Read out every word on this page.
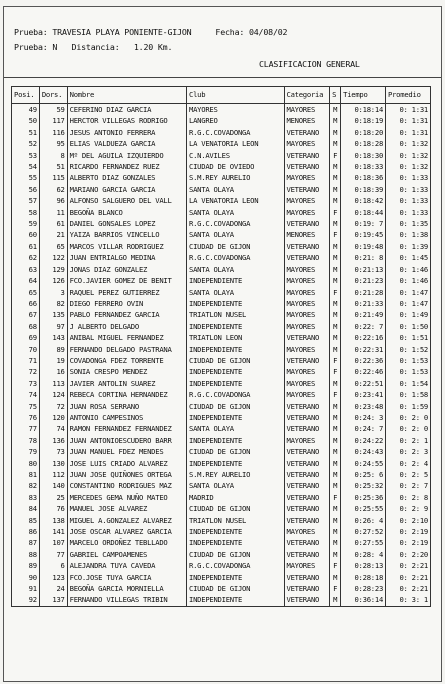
Prueba: TRAVESIA PLAYA PONIENTE-GIJON     Fecha: 04/08/02
Prueba: N   Distancia:   1.20 Km.
CLASIFICACION GENERAL
Posi.	Dors.	Nombre	Club	Categoria	S	Tiempo	Promedio
49	59	CEFERINO DIAZ GARCIA	MAYORES	MAYORES	M	0:18:14	0: 1:31
50	117	HERCTOR VILLEGAS RODRIGO	LANGREO	MENORES	M	0:18:19	0: 1:31
51	116	JESUS ANTONIO FERRERA	R.G.C.COVADONGA	VETERANO	M	0:18:20	0: 1:31
52	95	ELIAS VALDUEZA GARCIA	LA VENATORIA LEON	MAYORES	M	0:18:28	0: 1:32
53	8	Mº DEL AGUILA IZQUIERDO	C.N.AVILES	VETERANO	F	0:18:30	0: 1:32
54	51	RICARDO FERNANDEZ RUEZ	CIUDAD DE OVIEDO	VETERANO	M	0:18:33	0: 1:32
55	115	ALBERTO DIAZ GONZALES	S.M.REY AURELIO	MAYORES	M	0:18:36	0: 1:33
56	62	MARIANO GARCIA GARCIA	SANTA OLAYA	VETERANO	M	0:18:39	0: 1:33
57	96	ALFONSO SALGUERO DEL VALL	LA VENATORIA LEON	MAYORES	M	0:18:42	0: 1:33
58	11	BEGOÑA BLANCO	SANTA OLAYA	MAYORES	F	0:18:44	0: 1:33
59	61	DANIEL GONSALES LOPEZ	R.G.C.COVADONGA	VETERANO	M	0:19: 7	0: 1:35
60	21	YAIZA BARRIOS VINCELLO	SANTA OLAYA	MENORES	F	0:19:45	0: 1:38
61	65	MARCOS VILLAR RODRIGUEZ	CIUDAD DE GIJON	VETERANO	M	0:19:48	0: 1:39
62	122	JUAN ENTRIALGO MEDINA	R.G.C.COVADONGA	VETERANO	M	0:21: 8	0: 1:45
63	129	JONAS DIAZ GONZALEZ	SANTA OLAYA	MAYORES	M	0:21:13	0: 1:46
64	126	FCO.JAVIER GOMEZ DE BENIT	INDEPENDIENTE	MAYORES	M	0:21:23	0: 1:46
65	3	RAQUEL PEREZ GUTIERREZ	SANTA OLAYA	MAYORES	F	0:21:28	0: 1:47
66	82	DIEGO FERRERO OVIN	INDEPENDIENTE	MAYORES	M	0:21:33	0: 1:47
67	135	PABLO FERNANDEZ GARCIA	TRIATLON NUSEL	MAYORES	M	0:21:49	0: 1:49
68	97	J ALBERTO DELGADO	INDEPENDIENTE	MAYORES	M	0:22: 7	0: 1:50
69	143	ANIBAL MIGUEL FERNANDEZ	TRIATLON LEON	VETERANO	M	0:22:16	0: 1:51
70	89	FERNANDO DELGADO PASTRANA	INDEPENDIENTE	MAYORES	M	0:22:31	0: 1:52
71	19	COVADONGA FDEZ TORRENTE	CIUDAD DE GIJON	VETERANO	F	0:22:36	0: 1:53
72	16	SONIA CRESPO MENDEZ	INDEPENDIENTE	MAYORES	F	0:22:46	0: 1:53
73	113	JAVIER ANTOLIN SUAREZ	INDEPENDIENTE	MAYORES	M	0:22:51	0: 1:54
74	124	REBECA CORTINA HERNANDEZ	R.G.C.COVADONGA	MAYORES	F	0:23:41	0: 1:58
75	72	JUAN ROSA SERRANO	CIUDAD DE GIJON	VETERANO	M	0:23:48	0: 1:59
76	120	ANTONIO CAMPESINOS	INDEPENDIENTE	VETERANO	M	0:24: 3	0: 2: 0
77	74	RAMON FERNANDEZ FERNANDEZ	SANTA OLAYA	VETERANO	M	0:24: 7	0: 2: 0
78	136	JUAN ANTONIOESCUDERO BARR	INDEPENDIENTE	MAYORES	M	0:24:22	0: 2: 1
79	73	JUAN MANUEL FDEZ MENDES	CIUDAD DE GIJON	VETERANO	M	0:24:43	0: 2: 3
80	130	JOSE LUIS CRIADO ALVAREZ	INDEPENDIENTE	VETERANO	M	0:24:55	0: 2: 4
81	112	JUAN JOSE QUIÑONES ORTEGA	S.M.REY AURELIO	VETERANO	M	0:25: 6	0: 2: 5
82	140	CONSTANTINO RODRIGUES MAZ	SANTA OLAYA	VETERANO	M	0:25:32	0: 2: 7
83	25	MERCEDES GEMA NUÑO MATEO	MADRID	VETERANO	F	0:25:36	0: 2: 8
84	76	MANUEL JOSE ALVAREZ	CIUDAD DE GIJON	VETERANO	M	0:25:55	0: 2: 9
85	138	MIGUEL A.GONZALEZ ALVAREZ	TRIATLON NUSEL	VETERANO	M	0:26: 4	0: 2:10
86	141	JOSE OSCAR ALVAREZ GARCIA	INDEPENDIENTE	MAYORES	M	0:27:52	0: 2:19
87	107	MARCELO ORDOÑEZ TEBLLADO	INDEPENDIENTE	VETERANO	M	0:27:55	0: 2:19
88	77	GABRIEL CAMPOAMENES	CIUDAD DE GIJON	VETERANO	M	0:28: 4	0: 2:20
89	6	ALEJANDRA TUYA CAVEDA	R.G.C.COVADONGA	MAYORES	F	0:28:13	0: 2:21
90	123	FCO.JOSE TUYA GARCIA	INDEPENDIENTE	VETERANO	M	0:28:18	0: 2:21
91	24	BEGOÑA GARCIA MORNIELLA	CIUDAD DE GIJON	VETERANO	F	0:28:23	0: 2:21
92	137	FERNANDO VILLEGAS TRIBIN	INDEPENDIENTE	VETERANO	M	0:36:14	0: 3: 1
